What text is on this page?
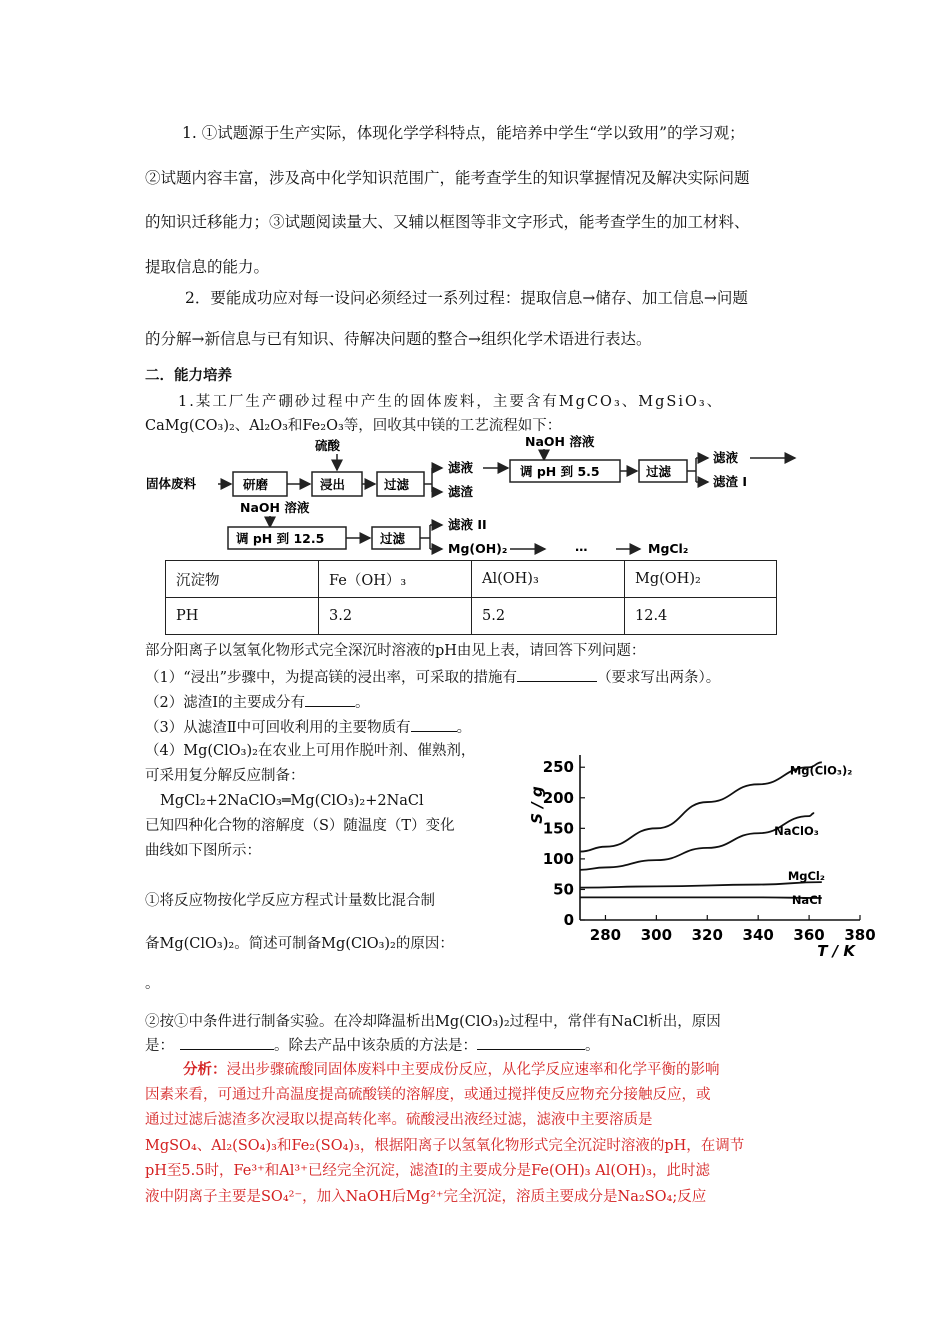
1. ①试题源于生产实际，体现化学学科特点，能培养中学生“学以致用”的学习观；
②试题内容丰富，涉及高中化学知识范围广，能考查学生的知识掌握情况及解决实际问题
的知识迁移能力；③试题阅读量大、又辅以框图等非文字形式，能考查学生的加工材料、
提取信息的能力。
2．要能成功应对每一设问必须经过一系列过程：提取信息→储存、加工信息→问题
的分解→新信息与已有知识、待解决问题的整合→组织化学术语进行表达。
二．能力培养
1.某工厂生产硼砂过程中产生的固体废料，主要含有MgCO₃、MgSiO₃、
CaMg(CO₃)₂、Al₂O₃和Fe₂O₃等，回收其中镁的工艺流程如下：
硫酸
固体废料	研磨	浸出	过滤
滤液
滤渣
NaOH 溶液
调 pH 到 5.5	过滤
滤液
滤渣 I
NaOH 溶液
调 pH 到 12.5	过滤
滤液 II
Mg(OH)₂	…	MgCl₂
沉淀物	Fe（OH）₃	Al(OH)₃	Mg(OH)₂
PH	3.2	5.2	12.4
部分阳离子以氢氧化物形式完全深沉时溶液的pH由见上表，请回答下列问题：
（1）“浸出”步骤中，为提高镁的浸出率，可采取的措施有	（要求写出两条）。
（2）滤渣Ⅰ的主要成分有	。
（3）从滤渣Ⅱ中可回收利用的主要物质有	。
（4）Mg(ClO₃)₂在农业上可用作脱叶剂、催熟剂，
可采用复分解反应制备：
MgCl₂+2NaClO₃═Mg(ClO₃)₂+2NaCl
已知四种化合物的溶解度（S）随温度（T）变化
曲线如下图所示：
①将反应物按化学反应方程式计量数比混合制
备Mg(ClO₃)₂。简述可制备Mg(ClO₃)₂的原因：
。
②按①中条件进行制备实验。在冷却降温析出Mg(ClO₃)₂过程中，常伴有NaCl析出，原因
是：	。除去产品中该杂质的方法是：	。
0
50
100
150
200
250
280 300 320 340 360 380
S / g
T / K
Mg(ClO₃)₂
NaClO₃
MgCl₂
NaCl
分析：浸出步骤硫酸同固体废料中主要成份反应，从化学反应速率和化学平衡的影响
因素来看，可通过升高温度提高硫酸镁的溶解度，或通过搅拌使反应物充分接触反应，或
通过过滤后滤渣多次浸取以提高转化率。硫酸浸出液经过滤，滤液中主要溶质是
MgSO₄、Al₂(SO₄)₃和Fe₂(SO₄)₃，根据阳离子以氢氧化物形式完全沉淀时溶液的pH，在调节
pH至5.5时，Fe³⁺和Al³⁺已经完全沉淀，滤渣Ⅰ的主要成分是Fe(OH)₃ Al(OH)₃，此时滤
液中阴离子主要是SO₄²⁻，加入NaOH后Mg²⁺完全沉淀，溶质主要成分是Na₂SO₄;反应
